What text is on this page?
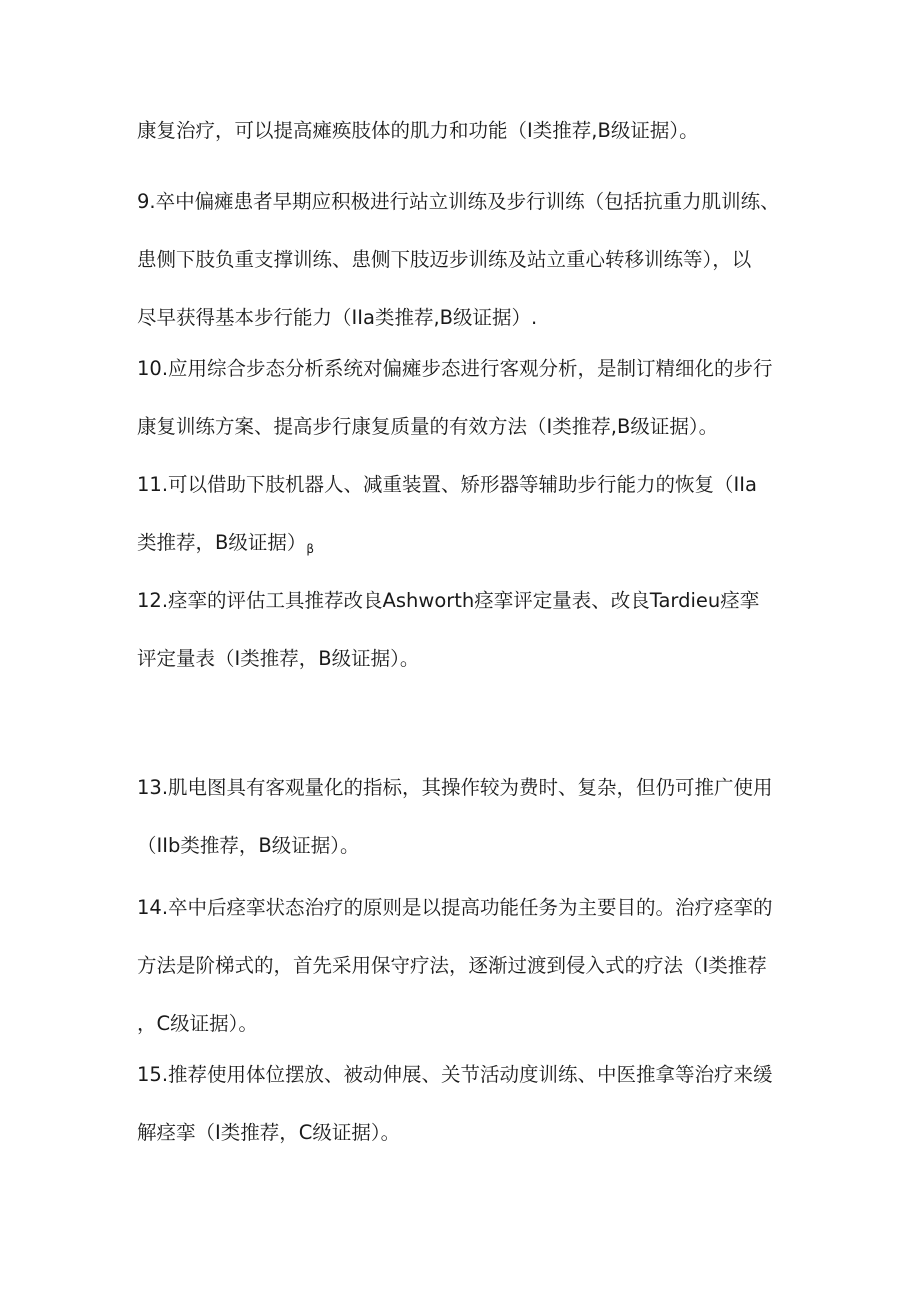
康复治疗，可以提高瘫痪肢体的肌力和功能（I类推荐,B级证据）。
9.卒中偏瘫患者早期应积极进行站立训练及步行训练（包括抗重力肌训练、
患侧下肢负重支撑训练、患侧下肢迈步训练及站立重心转移训练等），以
尽早获得基本步行能力（IIa类推荐,B级证据）.
10.应用综合步态分析系统对偏瘫步态进行客观分析，是制订精细化的步行
康复训练方案、提高步行康复质量的有效方法（I类推荐,B级证据）。
11.可以借助下肢机器人、减重装置、矫形器等辅助步行能力的恢复（IIa
类推荐，B级证据）$_\beta$
12.痉挛的评估工具推荐改良Ashworth痉挛评定量表、改良Tardieu痉挛
评定量表（I类推荐，B级证据）。
13.肌电图具有客观量化的指标，其操作较为费时、复杂，但仍可推广使用
（IIb类推荐，B级证据）。
14.卒中后痉挛状态治疗的原则是以提高功能任务为主要目的。治疗痉挛的
方法是阶梯式的，首先采用保守疗法，逐渐过渡到侵入式的疗法（I类推荐
，C级证据）。
15.推荐使用体位摆放、被动伸展、关节活动度训练、中医推拿等治疗来缓
解痉挛（I类推荐，C级证据）。
